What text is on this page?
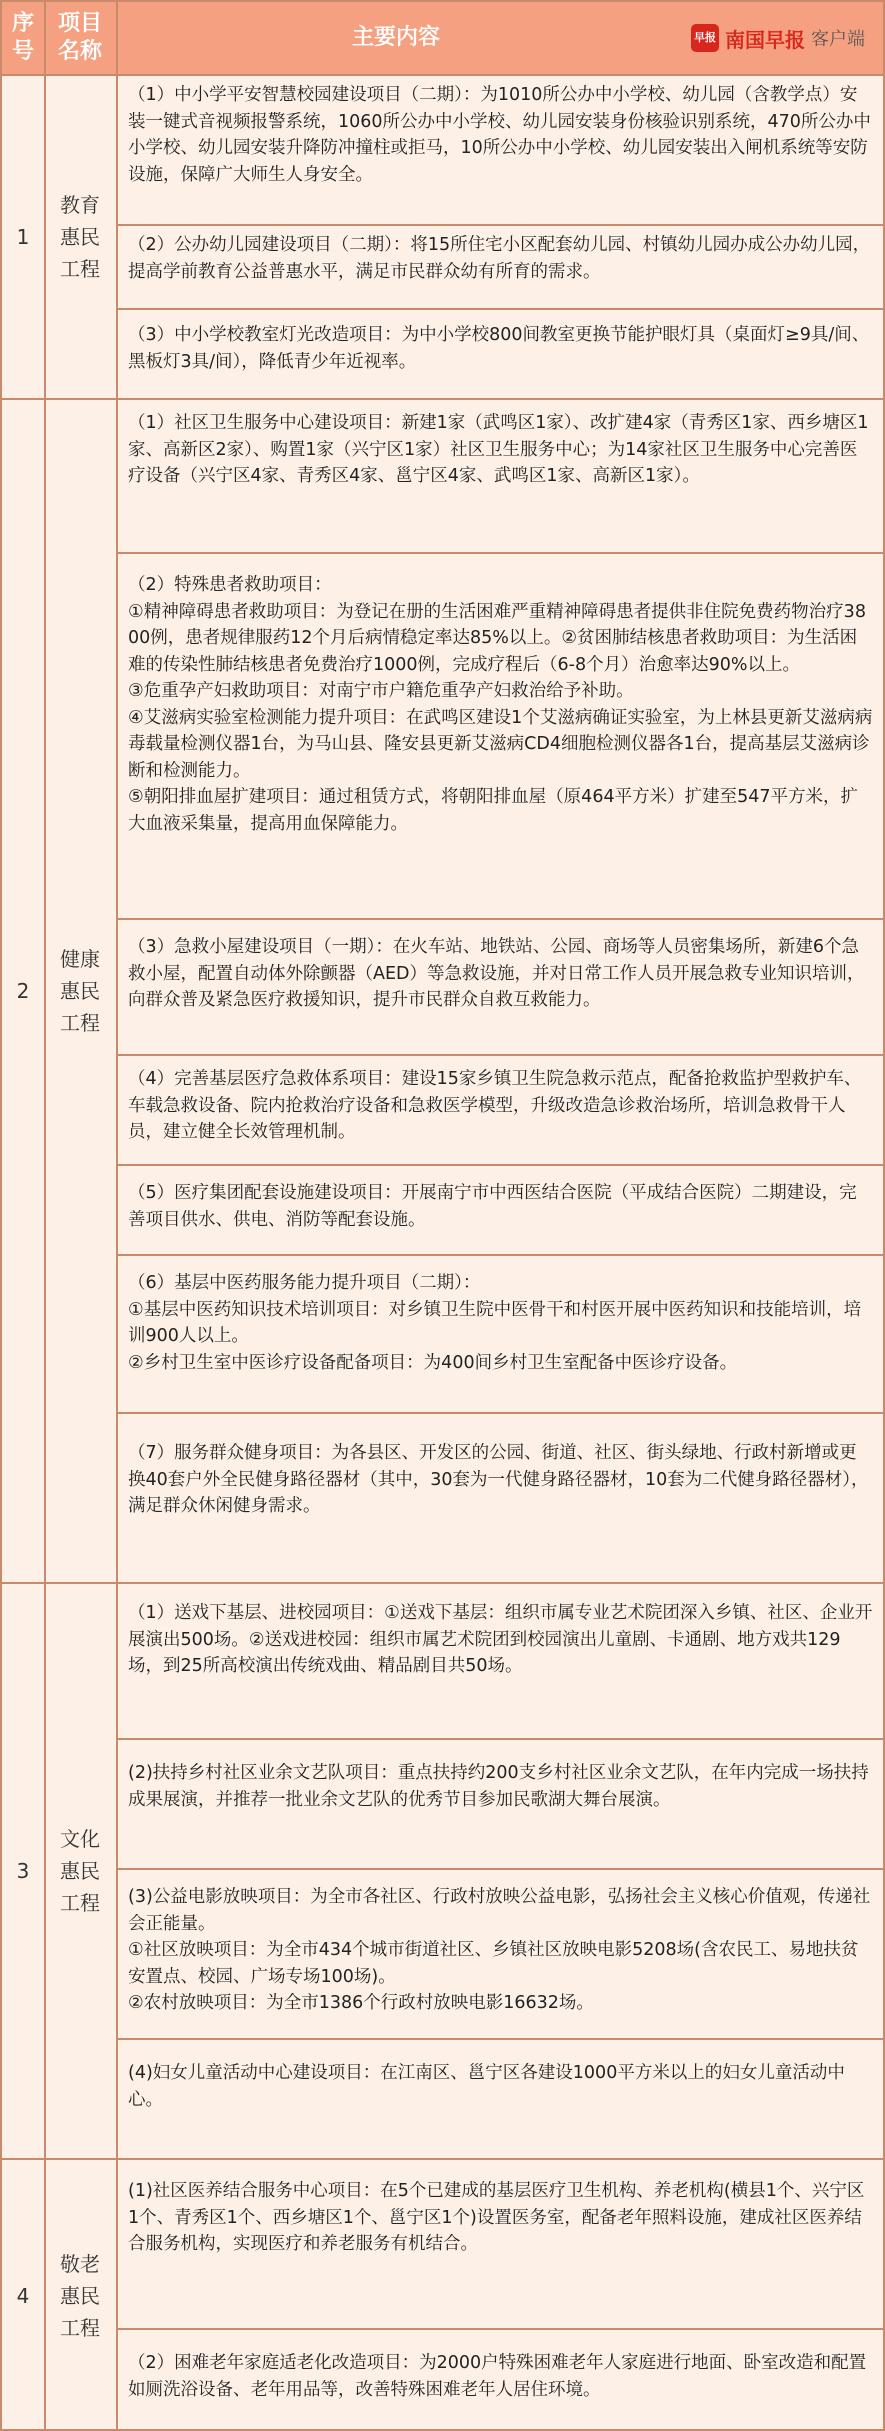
序
号
项目
名称
主要内容	早报 南国早报 客户端
1
教育
惠民
工程
（1）中小学平安智慧校园建设项目（二期）：为1010所公办中小学校、幼儿园（含教学点）安装一键式音视频报警系统，1060所公办中小学校、幼儿园安装身份核验识别系统，470所公办中小学校、幼儿园安装升降防冲撞柱或拒马，10所公办中小学校、幼儿园安装出入闸机系统等安防设施，保障广大师生人身安全。
（2）公办幼儿园建设项目（二期）：将15所住宅小区配套幼儿园、村镇幼儿园办成公办幼儿园，提高学前教育公益普惠水平，满足市民群众幼有所育的需求。
（3）中小学校教室灯光改造项目：为中小学校800间教室更换节能护眼灯具（桌面灯≥9具/间、黑板灯3具/间），降低青少年近视率。
2
健康
惠民
工程
（1）社区卫生服务中心建设项目：新建1家（武鸣区1家）、改扩建4家（青秀区1家、西乡塘区1家、高新区2家）、购置1家（兴宁区1家）社区卫生服务中心；为14家社区卫生服务中心完善医疗设备（兴宁区4家、青秀区4家、邕宁区4家、武鸣区1家、高新区1家）。
（2）特殊患者救助项目：
①精神障碍患者救助项目：为登记在册的生活困难严重精神障碍患者提供非住院免费药物治疗3800例，患者规律服药12个月后病情稳定率达85%以上。②贫困肺结核患者救助项目：为生活困难的传染性肺结核患者免费治疗1000例，完成疗程后（6-8个月）治愈率达90%以上。
③危重孕产妇救助项目：对南宁市户籍危重孕产妇救治给予补助。
④艾滋病实验室检测能力提升项目：在武鸣区建设1个艾滋病确证实验室，为上林县更新艾滋病病毒载量检测仪器1台，为马山县、隆安县更新艾滋病CD4细胞检测仪器各1台，提高基层艾滋病诊断和检测能力。
⑤朝阳排血屋扩建项目：通过租赁方式，将朝阳排血屋（原464平方米）扩建至547平方米，扩大血液采集量，提高用血保障能力。
（3）急救小屋建设项目（一期）：在火车站、地铁站、公园、商场等人员密集场所，新建6个急救小屋，配置自动体外除颤器（AED）等急救设施，并对日常工作人员开展急救专业知识培训，向群众普及紧急医疗救援知识，提升市民群众自救互救能力。
（4）完善基层医疗急救体系项目：建设15家乡镇卫生院急救示范点，配备抢救监护型救护车、车载急救设备、院内抢救治疗设备和急救医学模型，升级改造急诊救治场所，培训急救骨干人员，建立健全长效管理机制。
（5）医疗集团配套设施建设项目：开展南宁市中西医结合医院（平成结合医院）二期建设，完善项目供水、供电、消防等配套设施。
（6）基层中医药服务能力提升项目（二期）：
①基层中医药知识技术培训项目：对乡镇卫生院中医骨干和村医开展中医药知识和技能培训，培训900人以上。
②乡村卫生室中医诊疗设备配备项目：为400间乡村卫生室配备中医诊疗设备。
（7）服务群众健身项目：为各县区、开发区的公园、街道、社区、街头绿地、行政村新增或更换40套户外全民健身路径器材（其中，30套为一代健身路径器材，10套为二代健身路径器材），满足群众休闲健身需求。
3
文化
惠民
工程
（1）送戏下基层、进校园项目：①送戏下基层：组织市属专业艺术院团深入乡镇、社区、企业开展演出500场。②送戏进校园：组织市属艺术院团到校园演出儿童剧、卡通剧、地方戏共129场，到25所高校演出传统戏曲、精品剧目共50场。
(2)扶持乡村社区业余文艺队项目：重点扶持约200支乡村社区业余文艺队，在年内完成一场扶持成果展演，并推荐一批业余文艺队的优秀节目参加民歌湖大舞台展演。
(3)公益电影放映项目：为全市各社区、行政村放映公益电影，弘扬社会主义核心价值观，传递社会正能量。
①社区放映项目：为全市434个城市街道社区、乡镇社区放映电影5208场(含农民工、易地扶贫安置点、校园、广场专场100场)。
②农村放映项目：为全市1386个行政村放映电影16632场。
(4)妇女儿童活动中心建设项目：在江南区、邕宁区各建设1000平方米以上的妇女儿童活动中心。
4
敬老
惠民
工程
(1)社区医养结合服务中心项目：在5个已建成的基层医疗卫生机构、养老机构(横县1个、兴宁区1个、青秀区1个、西乡塘区1个、邕宁区1个)设置医务室，配备老年照料设施，建成社区医养结合服务机构，实现医疗和养老服务有机结合。
（2）困难老年家庭适老化改造项目：为2000户特殊困难老年人家庭进行地面、卧室改造和配置如厕洗浴设备、老年用品等，改善特殊困难老年人居住环境。
